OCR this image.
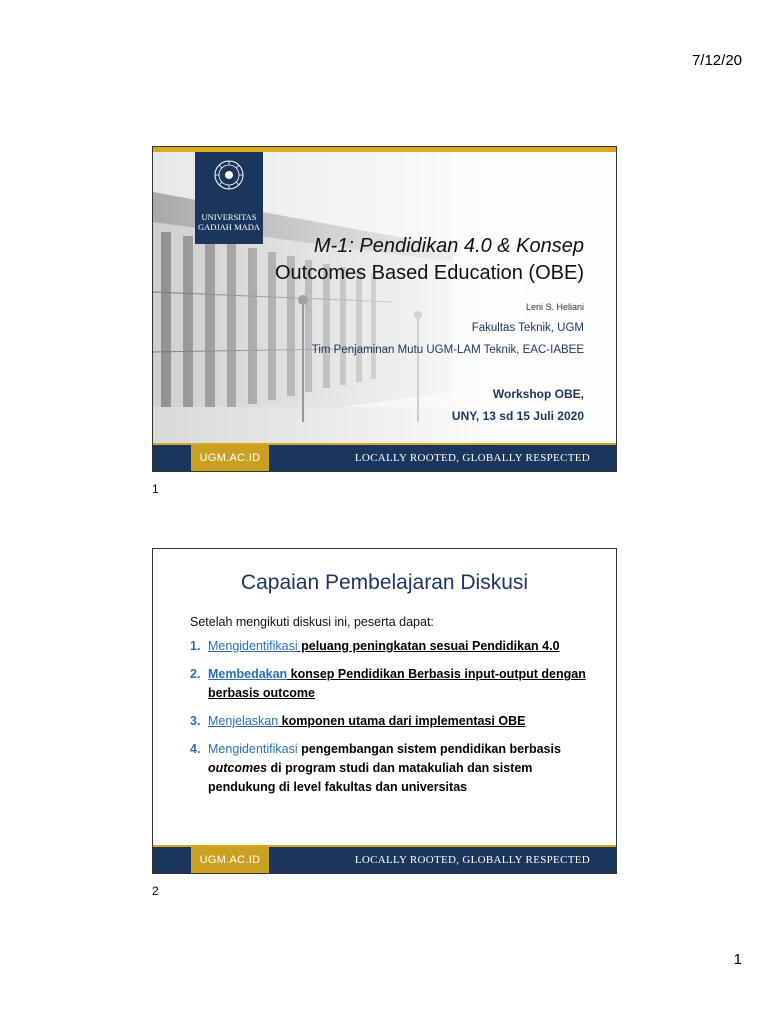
7/12/20
UNIVERSITAS
GADJAH MADA
M-1: Pendidikan 4.0 & Konsep
Outcomes Based Education (OBE)
Leni S. Heliani
Fakultas Teknik, UGM
Tim Penjaminan Mutu UGM-LAM Teknik, EAC-IABEE
Workshop OBE,
UNY, 13 sd 15 Juli 2020
UGM.AC.ID	LOCALLY ROOTED, GLOBALLY RESPECTED
1
Capaian Pembelajaran Diskusi
Setelah mengikuti diskusi ini, peserta dapat:
1. Mengidentifikasi peluang peningkatan sesuai Pendidikan 4.0
2. Membedakan konsep Pendidikan Berbasis input-output dengan berbasis outcome
3. Menjelaskan komponen utama dari implementasi OBE
4. Mengidentifikasi pengembangan sistem pendidikan berbasis outcomes di program studi dan matakuliah dan sistem pendukung di level fakultas dan universitas
UGM.AC.ID	LOCALLY ROOTED, GLOBALLY RESPECTED
2
1
